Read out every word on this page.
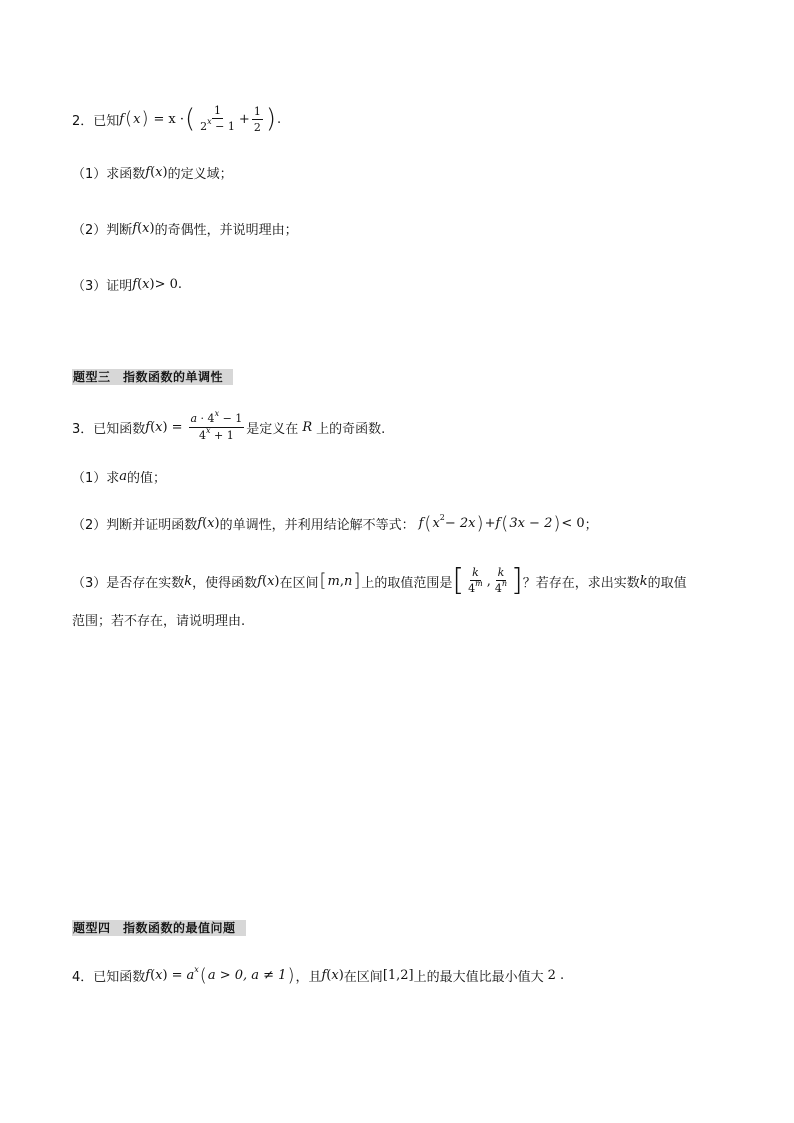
2．已知 f ( x ) = x · ( $\frac{1}{2^x - 1} + \frac{1}{2}$ ) .
（1）求函数 f ( x ) 的定义域；
（2）判断 f ( x ) 的奇偶性，并说明理由；
（3）证明 f ( x ) > 0 .
题型三　指数函数的单调性
3．已知函数 f ( x ) = $\frac{a \cdot 4^x - 1}{4^x + 1}$ 是定义在 R 上的奇函数.
（1）求 a 的值；
（2）判断并证明函数 f ( x ) 的单调性，并利用结论解不等式： f ( x 2 − 2x ) + f ( 3x − 2 ) < 0 ；
（3）是否存在实数 k ，使得函数 f ( x ) 在区间 [ m , n ] 上的取值范围是 [ $\frac{k}{4^m}$ , $\frac{k}{4^n}$ ] ？若存在，求出实数 k 的取值
范围；若不存在，请说明理由.
题型四　指数函数的最值问题
4．已知函数 f ( x ) = a x ( a > 0, a ≠ 1 ) ，且 f ( x ) 在区间 [1,2] 上的最大值比最小值大 2 .
